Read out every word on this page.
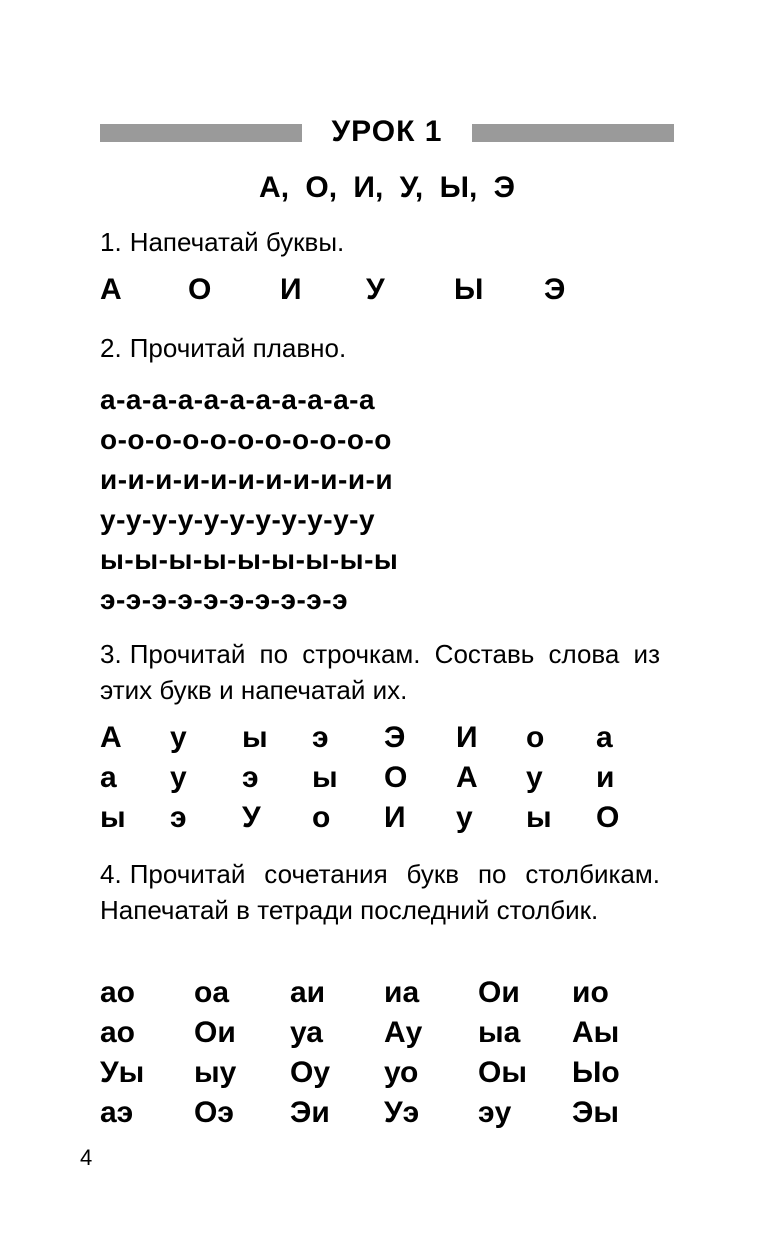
УРОК 1
А, О, И, У, Ы, Э
1. Напечатай буквы.
А О И У Ы Э
2. Прочитай плавно.
а-а-а-а-а-а-а-а-а-а-а
о-о-о-о-о-о-о-о-о-о-о
и-и-и-и-и-и-и-и-и-и-и
у-у-у-у-у-у-у-у-у-у-у
ы-ы-ы-ы-ы-ы-ы-ы-ы
э-э-э-э-э-э-э-э-э-э
3. Прочитай по строчкам. Составь слова из этих букв и напечатай их.
А у ы э Э И о а
а у э ы О А у и
ы э У о И у ы О
4. Прочитай сочетания букв по столбикам. Напечатай в тетради последний столбик.
ао оа аи иа Ои ио
ао Ои уа Ау ыа Аы
Уы ыу Оу уо Оы Ыо
аэ Оэ Эи Уэ эу Эы
4
